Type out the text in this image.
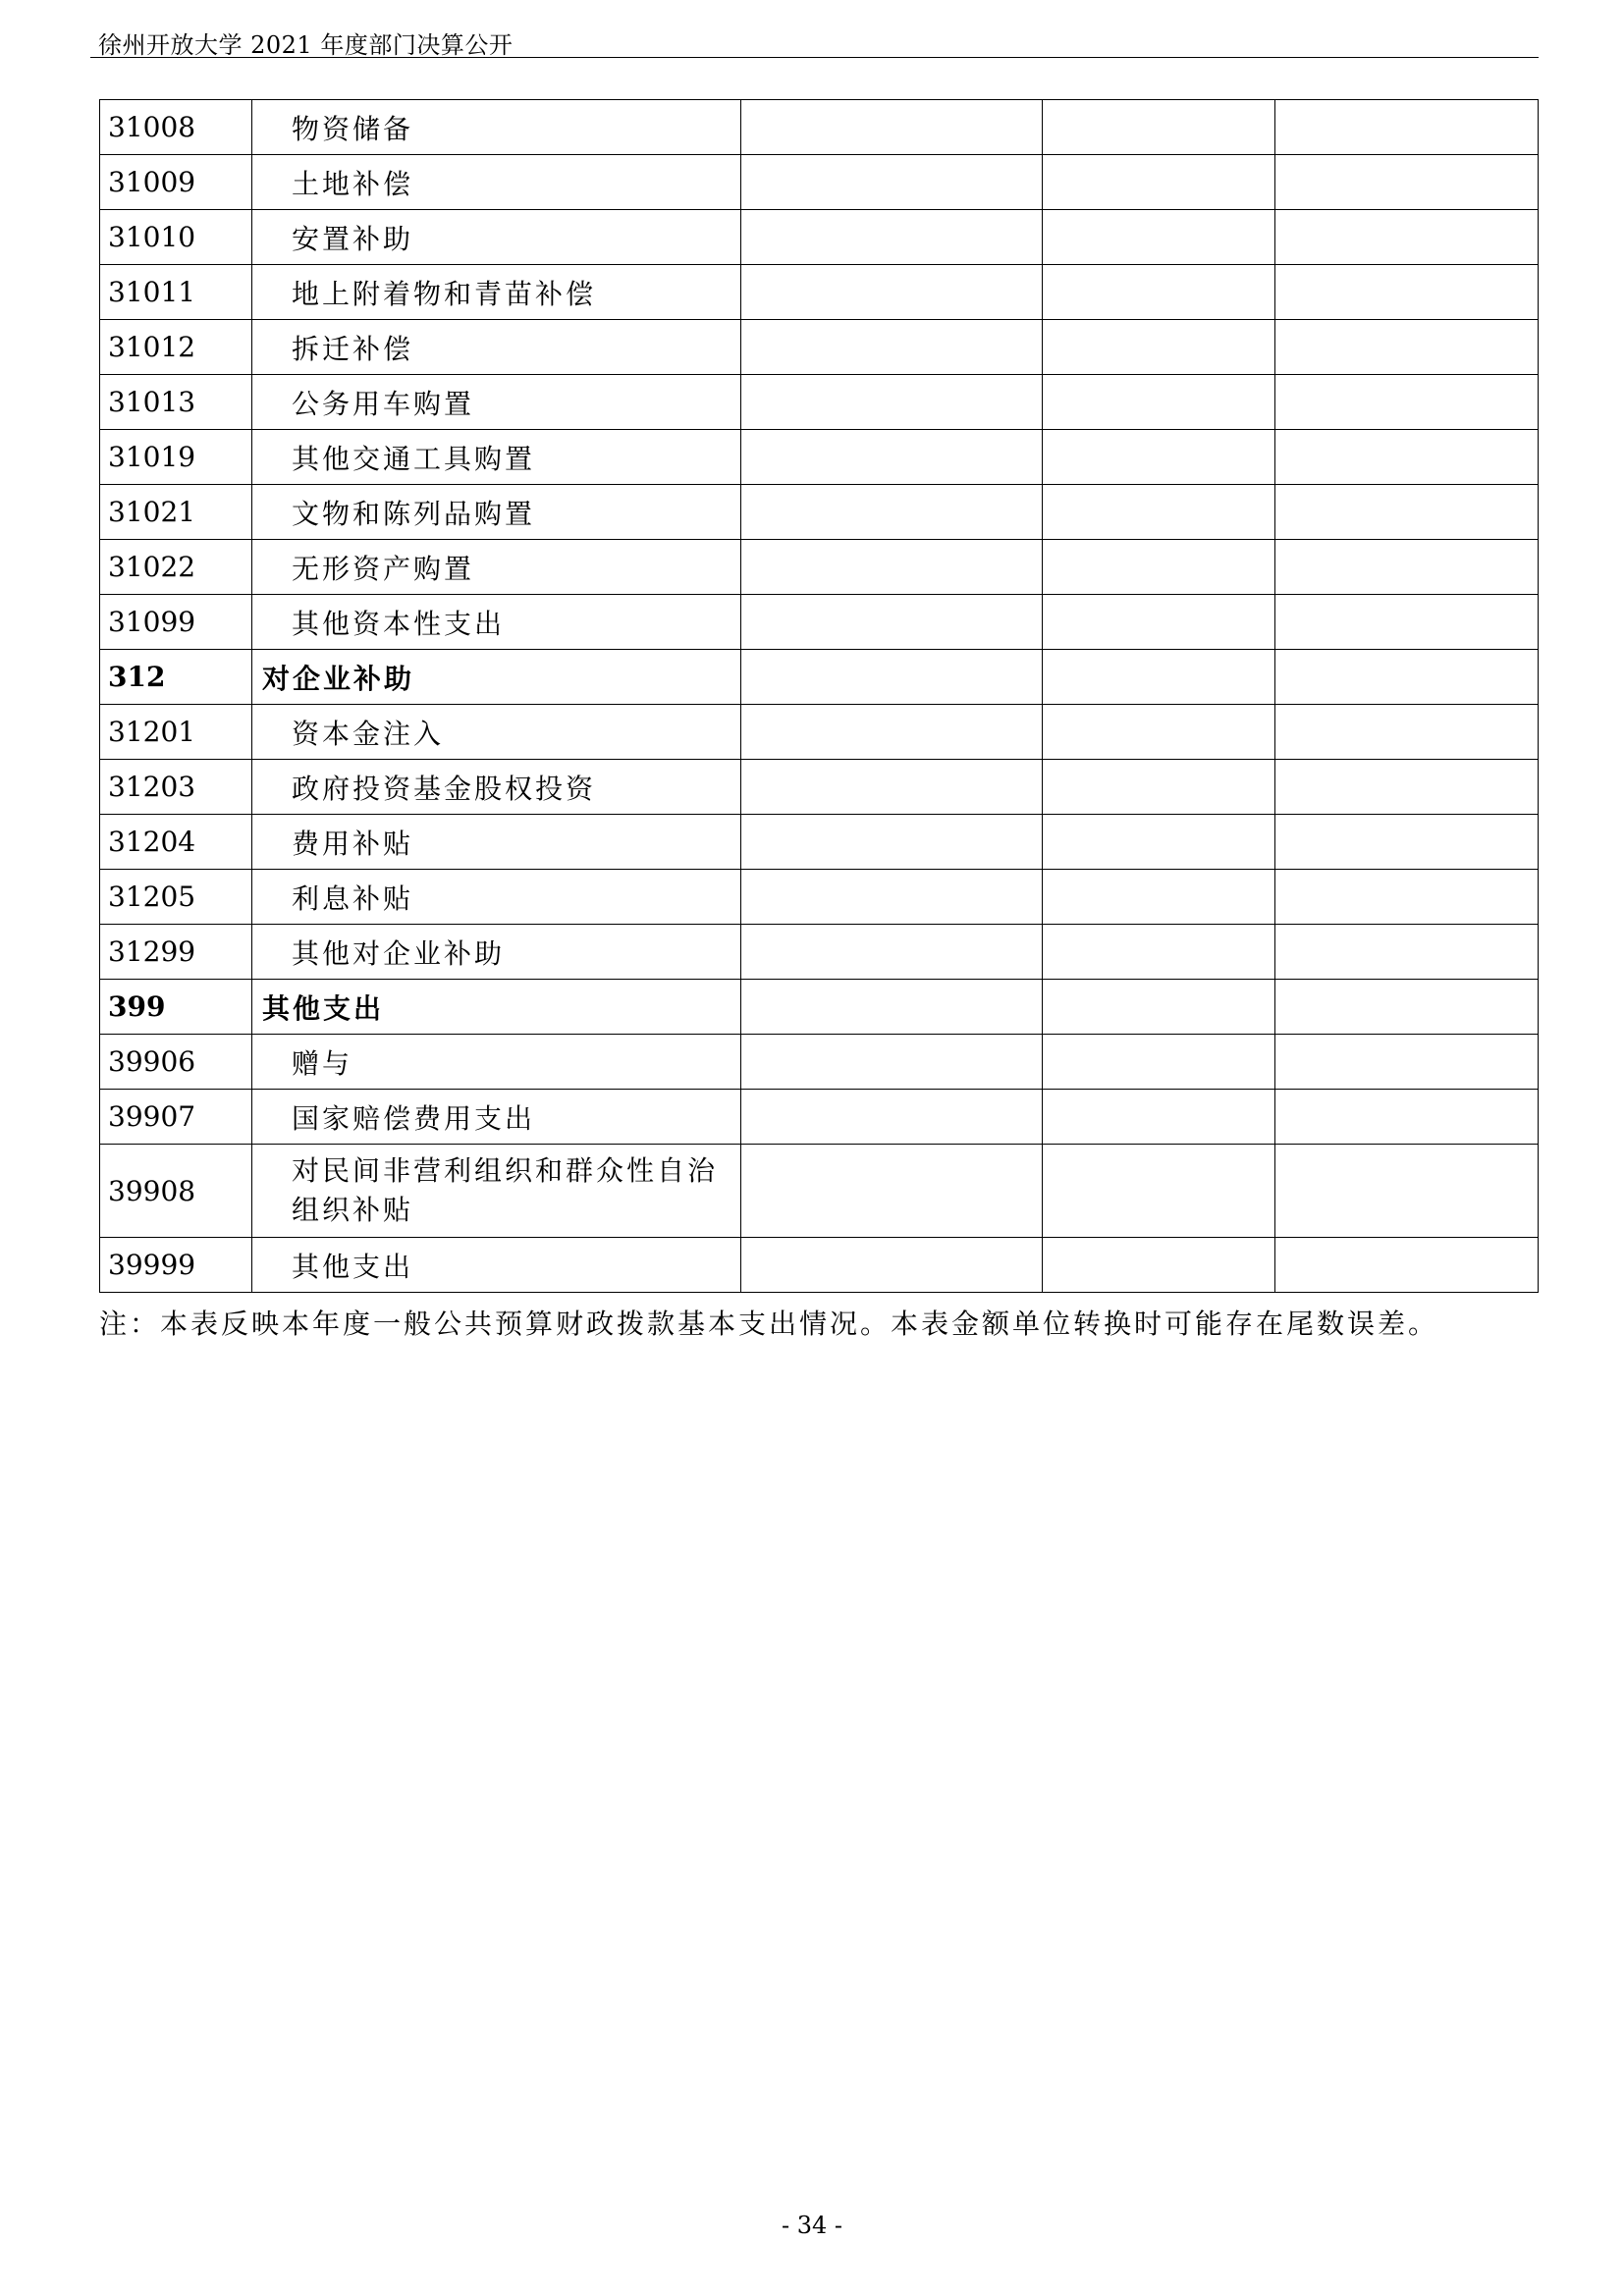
徐州开放大学 2021 年度部门决算公开
31008	物资储备			
31009	土地补偿			
31010	安置补助			
31011	地上附着物和青苗补偿			
31012	拆迁补偿			
31013	公务用车购置			
31019	其他交通工具购置			
31021	文物和陈列品购置			
31022	无形资产购置			
31099	其他资本性支出			
312	对企业补助			
31201	资本金注入			
31203	政府投资基金股权投资			
31204	费用补贴			
31205	利息补贴			
31299	其他对企业补助			
399	其他支出			
39906	赠与			
39907	国家赔偿费用支出			
39908	对民间非营利组织和群众性自治组织补贴			
39999	其他支出			
注：本表反映本年度一般公共预算财政拨款基本支出情况。本表金额单位转换时可能存在尾数误差。
- 34 -
